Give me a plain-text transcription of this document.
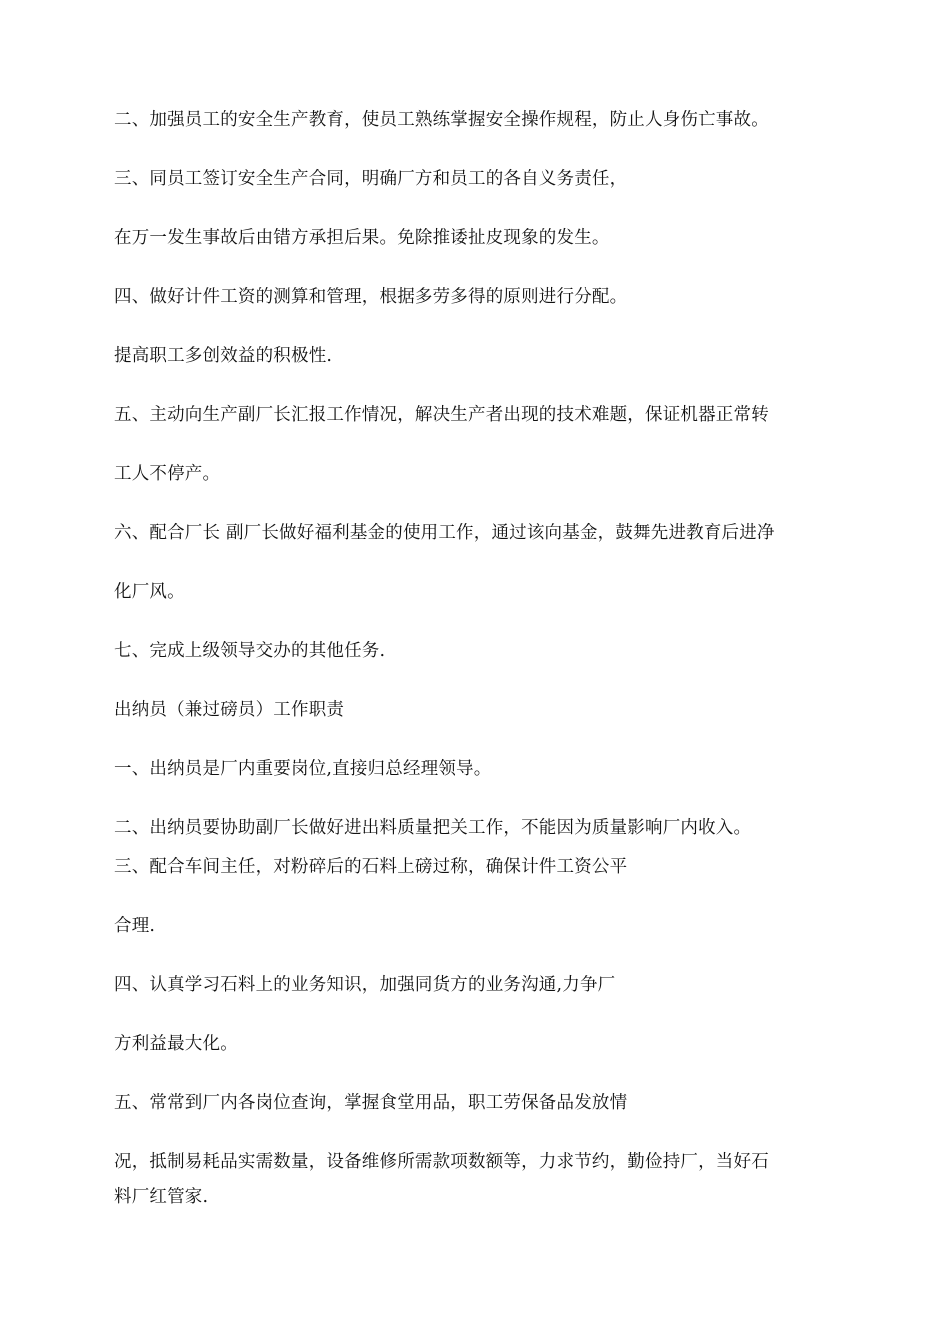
二、加强员工的安全生产教育，使员工熟练掌握安全操作规程，防止人身伤亡事故。
三、同员工签订安全生产合同，明确厂方和员工的各自义务责任，
在万一发生事故后由错方承担后果。免除推诿扯皮现象的发生。
四、做好计件工资的测算和管理，根据多劳多得的原则进行分配。
提高职工多创效益的积极性.
五、主动向生产副厂长汇报工作情况，解决生产者出现的技术难题，保证机器正常转
工人不停产。
六、配合厂长 副厂长做好福利基金的使用工作，通过该向基金，鼓舞先进教育后进净
化厂风。
七、完成上级领导交办的其他任务.
出纳员（兼过磅员）工作职责
一、出纳员是厂内重要岗位,直接归总经理领导。
二、出纳员要协助副厂长做好进出料质量把关工作，不能因为质量影响厂内收入。
三、配合车间主任，对粉碎后的石料上磅过称，确保计件工资公平
合理.
四、认真学习石料上的业务知识，加强同货方的业务沟通,力争厂
方利益最大化。
五、常常到厂内各岗位查询，掌握食堂用品，职工劳保备品发放情
况，抵制易耗品实需数量，设备维修所需款项数额等，力求节约，勤俭持厂，当好石
料厂红管家.
